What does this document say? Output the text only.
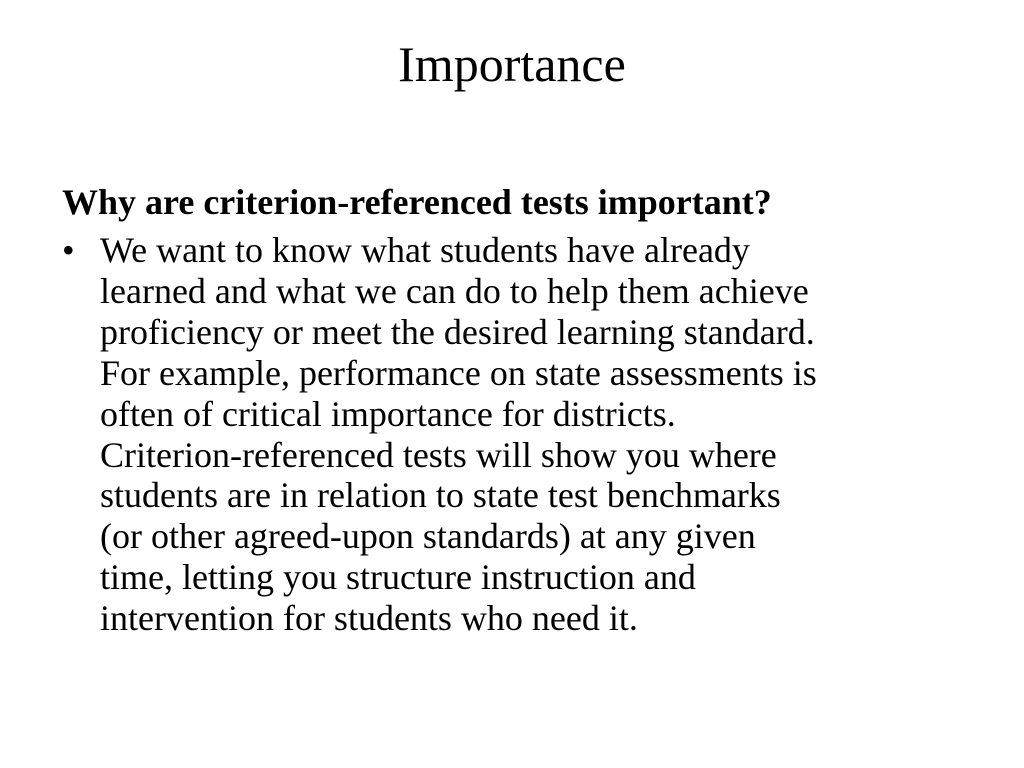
Importance

Why are criterion-referenced tests important?

• We want to know what students have already
learned and what we can do to help them achieve
proficiency or meet the desired learning standard.
For example, performance on state assessments is
often of critical importance for districts.
Criterion-referenced tests will show you where
students are in relation to state test benchmarks
(or other agreed-upon standards) at any given
time, letting you structure instruction and
intervention for students who need it.
